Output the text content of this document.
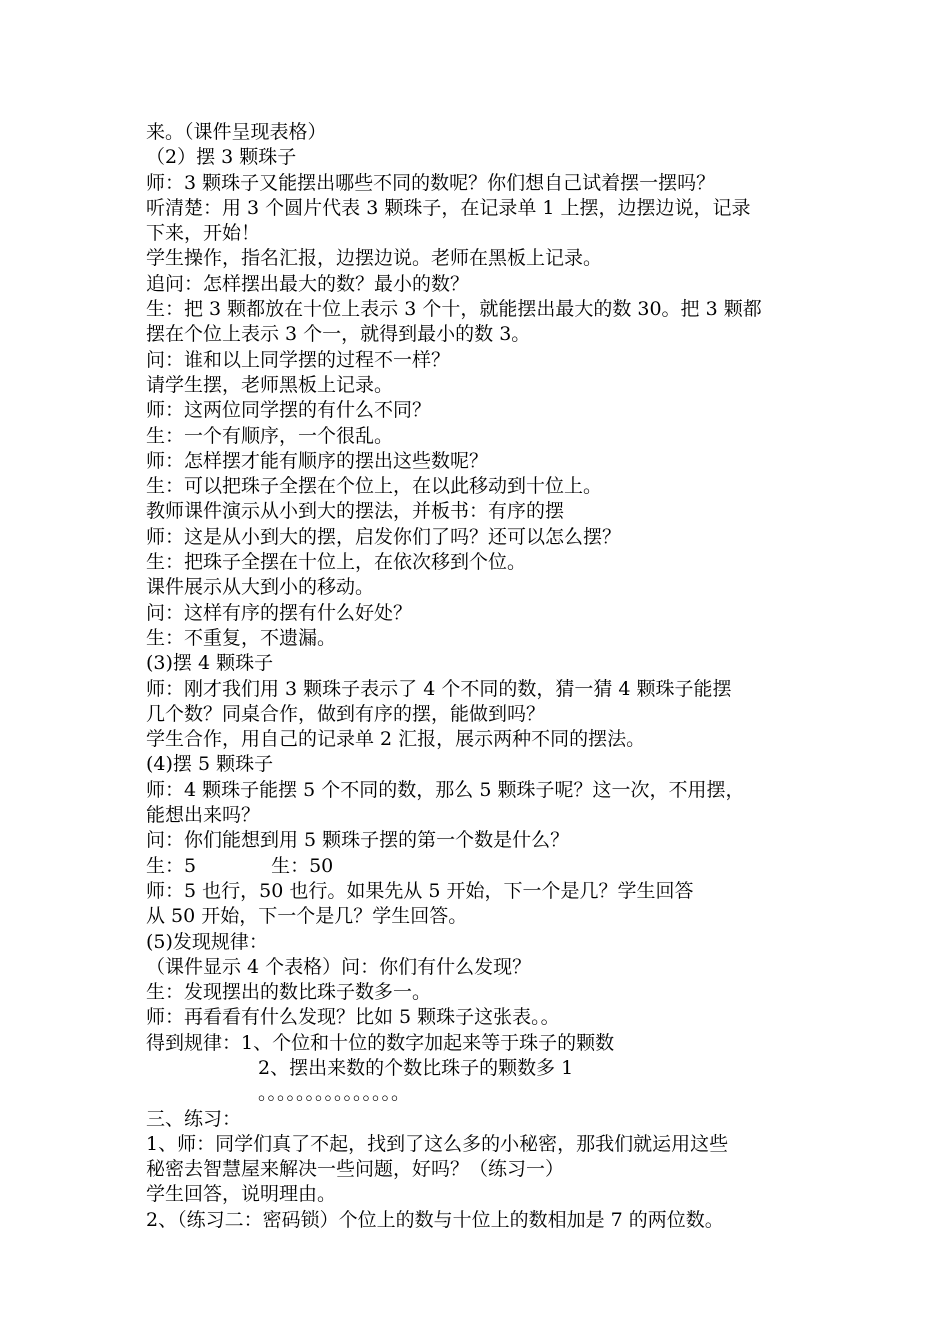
来。（课件呈现表格）
（2）摆 3 颗珠子
师：3 颗珠子又能摆出哪些不同的数呢？你们想自己试着摆一摆吗？
听清楚：用 3 个圆片代表 3 颗珠子，在记录单 1 上摆，边摆边说，记录
下来，开始！
学生操作，指名汇报，边摆边说。老师在黑板上记录。
追问：怎样摆出最大的数？最小的数？
生：把 3 颗都放在十位上表示 3 个十，就能摆出最大的数 30。把 3 颗都
摆在个位上表示 3 个一，就得到最小的数 3。
问：谁和以上同学摆的过程不一样？
请学生摆，老师黑板上记录。
师：这两位同学摆的有什么不同？
生：一个有顺序，一个很乱。
师：怎样摆才能有顺序的摆出这些数呢？
生：可以把珠子全摆在个位上，在以此移动到十位上。
教师课件演示从小到大的摆法，并板书：有序的摆
师：这是从小到大的摆，启发你们了吗？还可以怎么摆？
生：把珠子全摆在十位上，在依次移到个位。
课件展示从大到小的移动。
问：这样有序的摆有什么好处？
生：不重复，不遗漏。
(3)摆 4 颗珠子
师：刚才我们用 3 颗珠子表示了 4 个不同的数，猜一猜 4 颗珠子能摆
几个数？同桌合作，做到有序的摆，能做到吗？
学生合作，用自己的记录单 2 汇报，展示两种不同的摆法。
(4)摆 5 颗珠子
师：4 颗珠子能摆 5 个不同的数，那么 5 颗珠子呢？这一次，不用摆，
能想出来吗？
问：你们能想到用 5 颗珠子摆的第一个数是什么？
生：5	生：50
师：5 也行，50 也行。如果先从 5 开始，下一个是几？学生回答
从 50 开始，下一个是几？学生回答。
(5)发现规律：
（课件显示 4 个表格）问：你们有什么发现？
生：发现摆出的数比珠子数多一。
师：再看看有什么发现？比如 5 颗珠子这张表。。
得到规律：1、个位和十位的数字加起来等于珠子的颗数
2、摆出来数的个数比珠子的颗数多 1
。。。。。。。。。。。。。。。
三、练习：
1、师：同学们真了不起，找到了这么多的小秘密，那我们就运用这些
秘密去智慧屋来解决一些问题，好吗？（练习一）
学生回答，说明理由。
2、（练习二：密码锁）个位上的数与十位上的数相加是 7 的两位数。
